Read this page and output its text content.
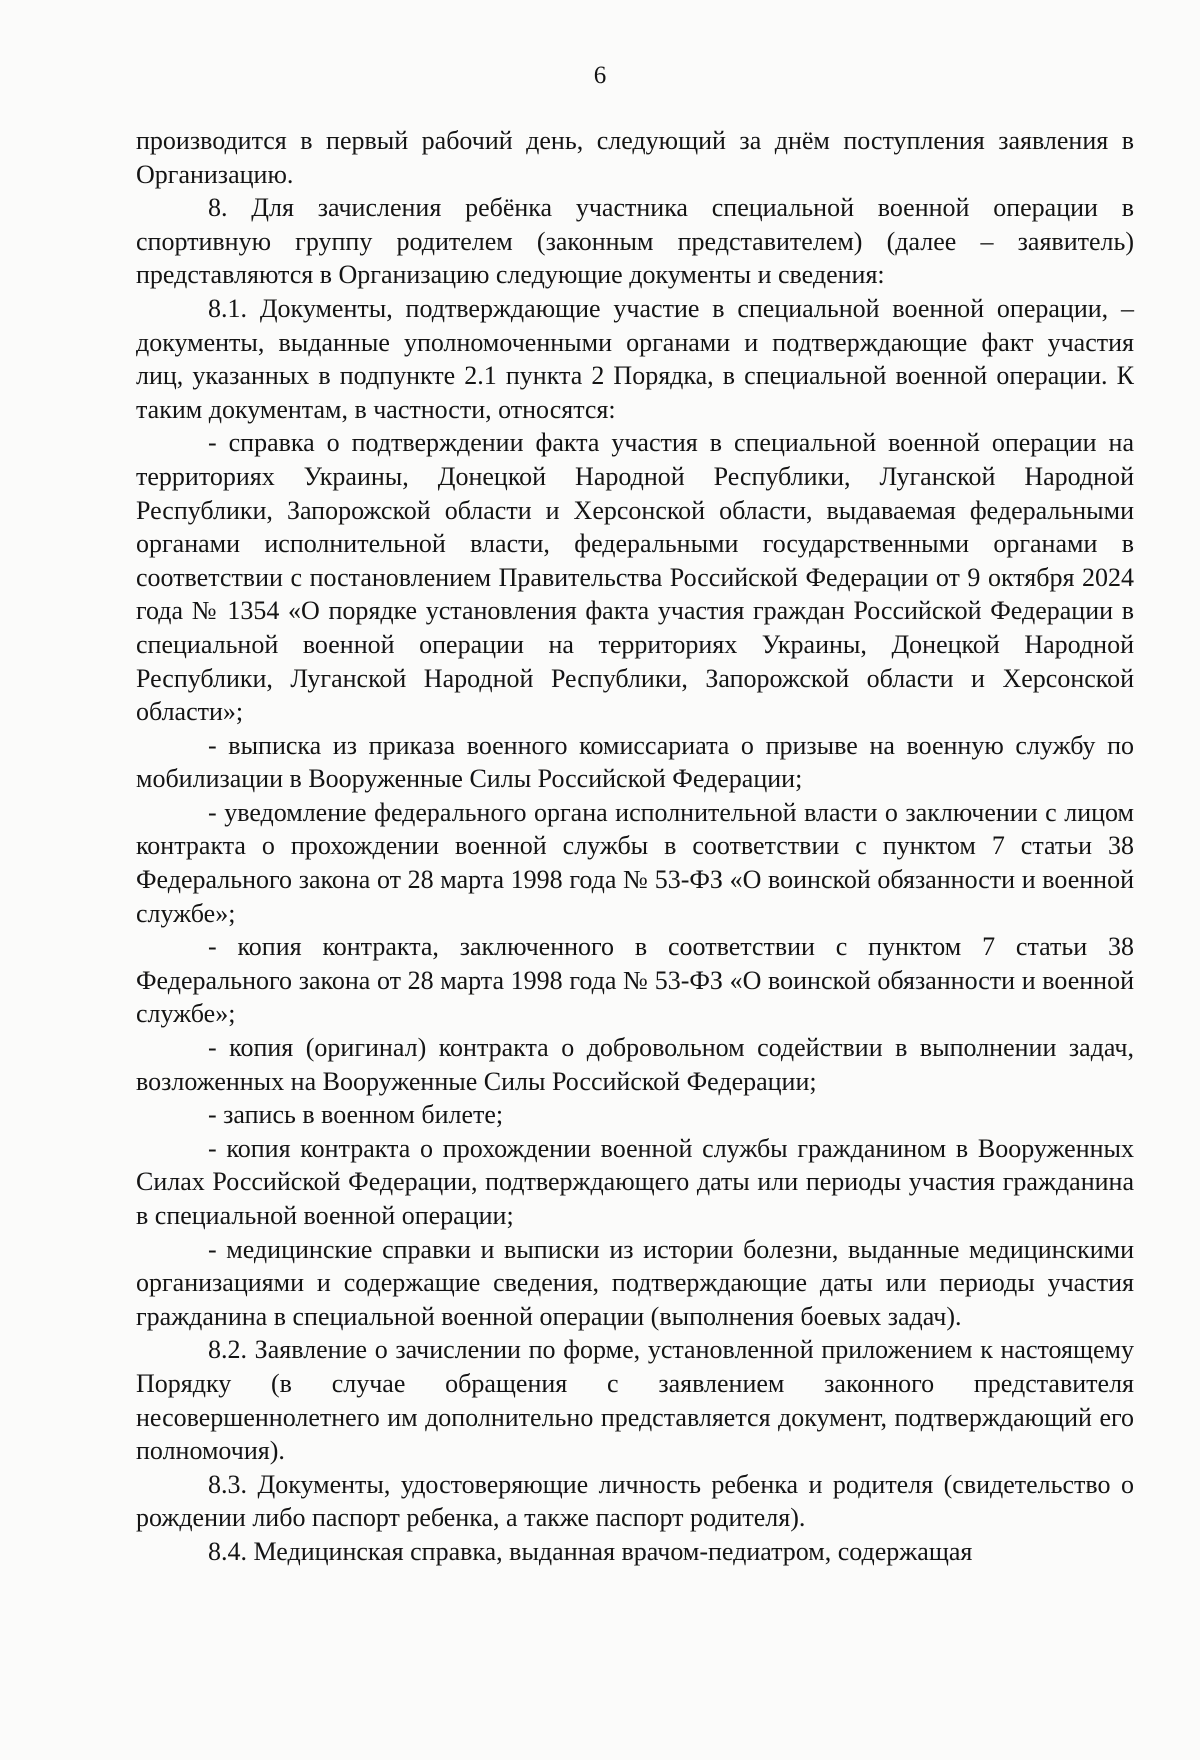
6

производится в первый рабочий день, следующий за днём поступления заявления в Организацию.

8. Для зачисления ребёнка участника специальной военной операции в спортивную группу родителем (законным представителем) (далее – заявитель) представляются в Организацию следующие документы и сведения:

8.1. Документы, подтверждающие участие в специальной военной операции, – документы, выданные уполномоченными органами и подтверждающие факт участия лиц, указанных в подпункте 2.1 пункта 2 Порядка, в специальной военной операции. К таким документам, в частности, относятся:

- справка о подтверждении факта участия в специальной военной операции на территориях Украины, Донецкой Народной Республики, Луганской Народной Республики, Запорожской области и Херсонской области, выдаваемая федеральными органами исполнительной власти, федеральными государственными органами в соответствии с постановлением Правительства Российской Федерации от 9 октября 2024 года № 1354 «О порядке установления факта участия граждан Российской Федерации в специальной военной операции на территориях Украины, Донецкой Народной Республики, Луганской Народной Республики, Запорожской области и Херсонской области»;

- выписка из приказа военного комиссариата о призыве на военную службу по мобилизации в Вооруженные Силы Российской Федерации;

- уведомление федерального органа исполнительной власти о заключении с лицом контракта о прохождении военной службы в соответствии с пунктом 7 статьи 38 Федерального закона от 28 марта 1998 года № 53-ФЗ «О воинской обязанности и военной службе»;

- копия контракта, заключенного в соответствии с пунктом 7 статьи 38 Федерального закона от 28 марта 1998 года № 53-ФЗ «О воинской обязанности и военной службе»;

- копия (оригинал) контракта о добровольном содействии в выполнении задач, возложенных на Вооруженные Силы Российской Федерации;

- запись в военном билете;

- копия контракта о прохождении военной службы гражданином в Вооруженных Силах Российской Федерации, подтверждающего даты или периоды участия гражданина в специальной военной операции;

- медицинские справки и выписки из истории болезни, выданные медицинскими организациями и содержащие сведения, подтверждающие даты или периоды участия гражданина в специальной военной операции (выполнения боевых задач).

8.2. Заявление о зачислении по форме, установленной приложением к настоящему Порядку (в случае обращения с заявлением законного представителя несовершеннолетнего им дополнительно представляется документ, подтверждающий его полномочия).

8.3. Документы, удостоверяющие личность ребенка и родителя (свидетельство о рождении либо паспорт ребенка, а также паспорт родителя).

8.4. Медицинская справка, выданная врачом-педиатром, содержащая
